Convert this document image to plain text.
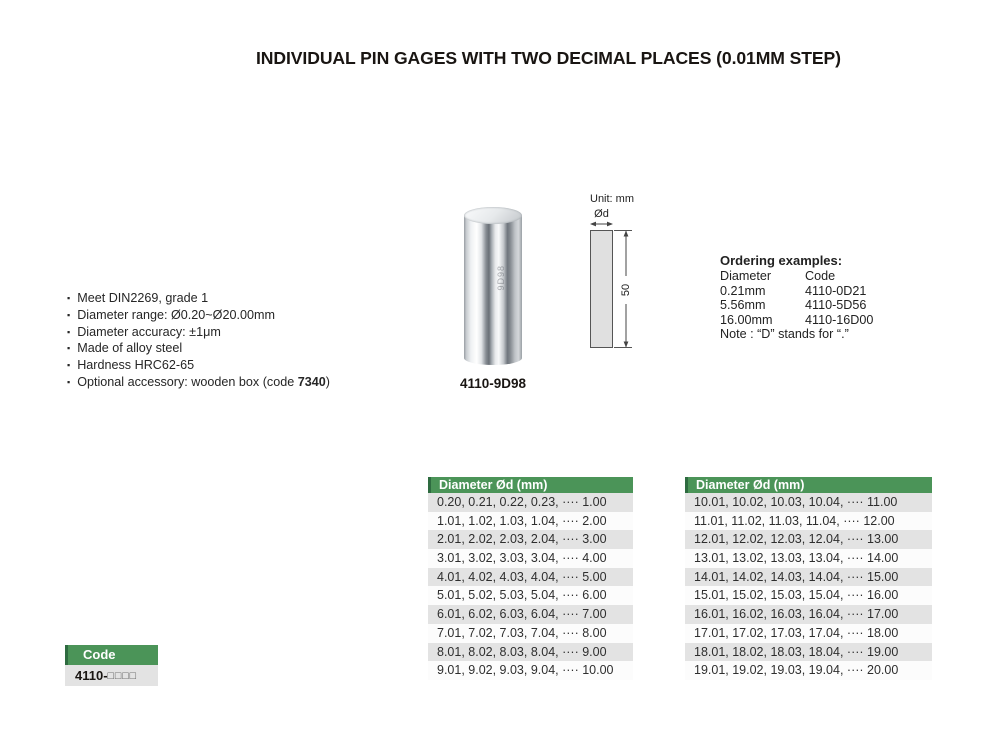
INDIVIDUAL PIN GAGES WITH TWO DECIMAL PLACES (0.01MM STEP)
▪ Meet DIN2269, grade 1
▪ Diameter range: Ø0.20~Ø20.00mm
▪ Diameter accuracy: ±1μm
▪ Made of alloy steel
▪ Hardness HRC62-65
▪ Optional accessory: wooden box (code 7340)
9D98
4110-9D98
Unit: mm
Ød
50
Ordering examples:
Diameter	Code
0.21mm	4110-0D21
5.56mm	4110-5D56
16.00mm	4110-16D00
Note : “D” stands for “.”
Diameter Ød (mm)
0.20, 0.21, 0.22, 0.23, ···· 1.00
1.01, 1.02, 1.03, 1.04, ···· 2.00
2.01, 2.02, 2.03, 2.04, ···· 3.00
3.01, 3.02, 3.03, 3.04, ···· 4.00
4.01, 4.02, 4.03, 4.04, ···· 5.00
5.01, 5.02, 5.03, 5.04, ···· 6.00
6.01, 6.02, 6.03, 6.04, ···· 7.00
7.01, 7.02, 7.03, 7.04, ···· 8.00
8.01, 8.02, 8.03, 8.04, ···· 9.00
9.01, 9.02, 9.03, 9.04, ···· 10.00
Diameter Ød (mm)
10.01, 10.02, 10.03, 10.04, ···· 11.00
11.01, 11.02, 11.03, 11.04, ···· 12.00
12.01, 12.02, 12.03, 12.04, ···· 13.00
13.01, 13.02, 13.03, 13.04, ···· 14.00
14.01, 14.02, 14.03, 14.04, ···· 15.00
15.01, 15.02, 15.03, 15.04, ···· 16.00
16.01, 16.02, 16.03, 16.04, ···· 17.00
17.01, 17.02, 17.03, 17.04, ···· 18.00
18.01, 18.02, 18.03, 18.04, ···· 19.00
19.01, 19.02, 19.03, 19.04, ···· 20.00
Code
4110-□□□□
